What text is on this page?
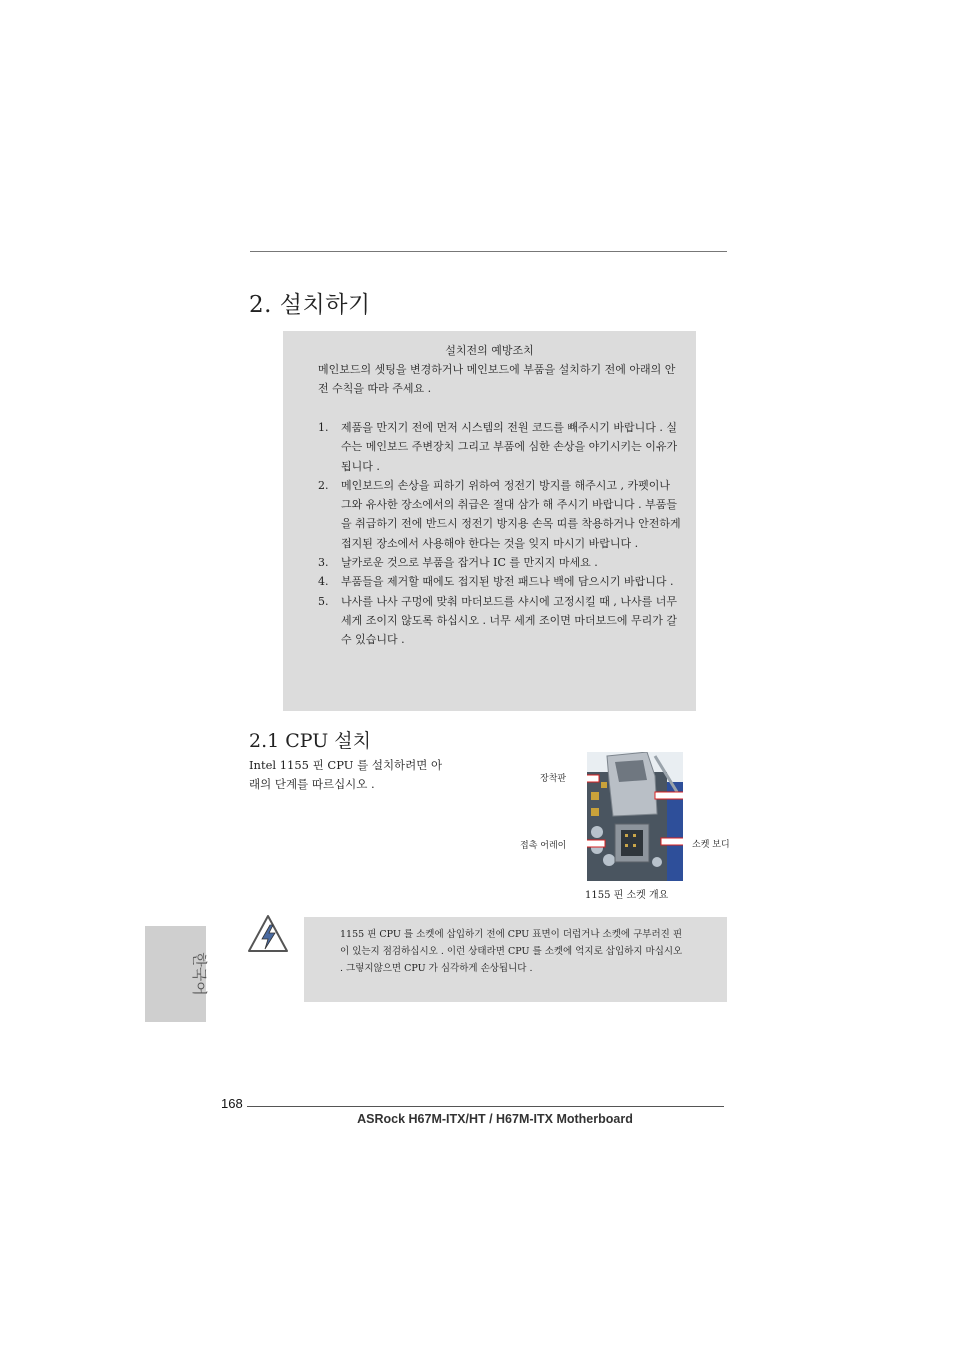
2. 설치하기
설치전의 예방조치
메인보드의 셋팅을 변경하거나 메인보드에 부품을 설치하기 전에 아래의 안전 수칙을 따라 주세요 .
1. 제품을 만지기 전에 먼저 시스템의 전원 코드를 빼주시기 바랍니다 . 실수는 메인보드 주변장치 그리고 부품에 심한 손상을 야기시키는 이유가 됩니다 .
2. 메인보드의 손상을 피하기 위하여 정전기 방지를 해주시고 , 카펫이나 그와 유사한 장소에서의 취급은 절대 삼가 해 주시기 바랍니다 . 부품들을 취급하기 전에 반드시 정전기 방지용 손목 띠를 착용하거나 안전하게 접지된 장소에서 사용해야 한다는 것을 잊지 마시기 바랍니다 .
3. 날카로운 것으로 부품을 잡거나 IC 를 만지지 마세요 .
4. 부품들을 제거할 때에도 접지된 방전 패드나 백에 담으시기 바랍니다 .
5. 나사를 나사 구멍에 맞춰 마더보드를 샤시에 고정시킬 때 , 나사를 너무 세게 조이지 않도록 하십시오 . 너무 세게 조이면 마더보드에 무리가 갈 수 있습니다 .
2.1 CPU 설치
Intel 1155 핀 CPU 를 설치하려면 아래의 단계를 따르십시오 .	장착판
접촉 어레이	소켓 보디
1155 핀 소켓 개요
1155 핀 CPU 를 소켓에 삽입하기 전에 CPU 표면이 더럽거나 소켓에 구부러진 핀이 있는지 점검하십시오 . 이런 상태라면 CPU 를 소켓에 억지로 삽입하지 마십시오 . 그렇지않으면 CPU 가 심각하게 손상됩니다 .
한국어
168
ASRock H67M-ITX/HT / H67M-ITX Motherboard
